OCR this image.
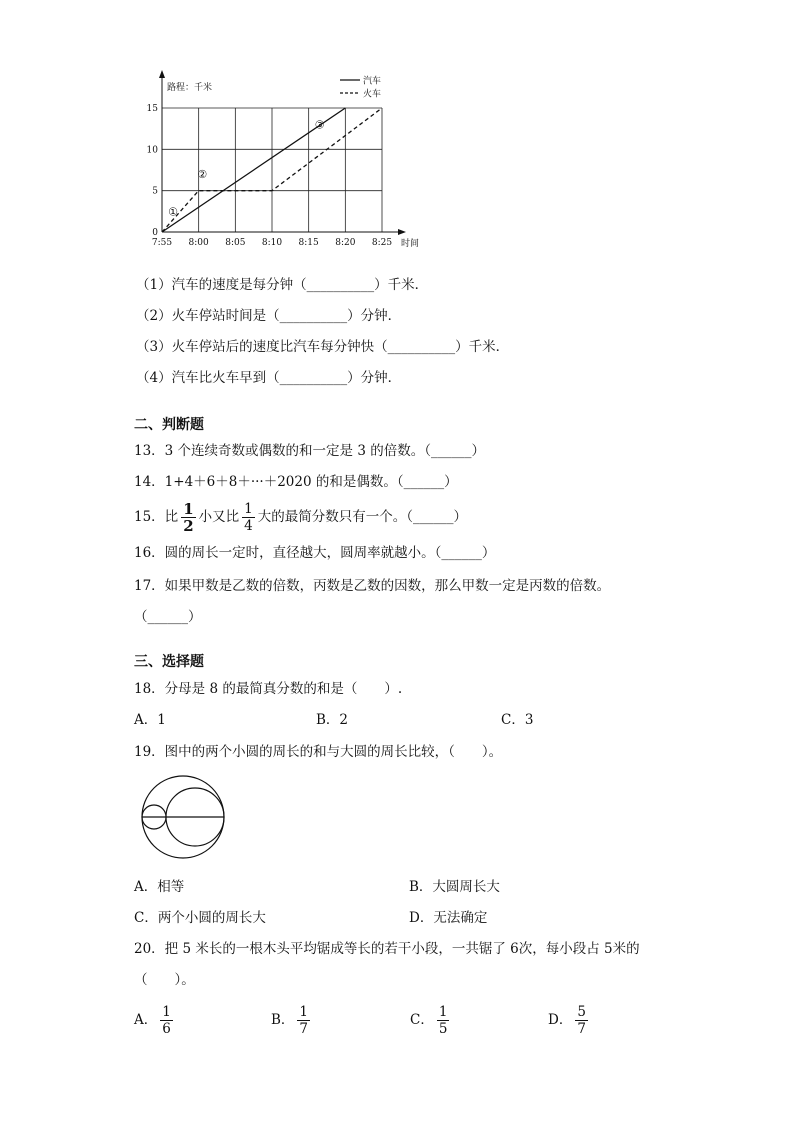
0
5
10
15
7:55 8:00 8:05 8:10 8:15 8:20 8:25
路程：千米
时间
汽车
火车
①
②
③
（1）汽车的速度是每分钟（__________）千米．
（2）火车停站时间是（__________）分钟．
（3）火车停站后的速度比汽车每分钟快（__________）千米．
（4）汽车比火车早到（__________）分钟．
二、判断题
13．3 个连续奇数或偶数的和一定是 3 的倍数。（______）
14．1+4＋6＋8＋···＋2020 的和是偶数。（______）
15．比 $\frac{1}{2}$ 小又比 $\frac{1}{4}$ 大的最简分数只有一个。（______）
16．圆的周长一定时，直径越大，圆周率就越小。（______）
17．如果甲数是乙数的倍数，丙数是乙数的因数，那么甲数一定是丙数的倍数。
（______）
三、选择题
18．分母是 8 的最简真分数的和是（　　）.
A．1	B．2	C．3
19．图中的两个小圆的周长的和与大圆的周长比较，（　　）。
A．相等	B．大圆周长大
C．两个小圆的周长大	D．无法确定
20．把 5 米长的一根木头平均锯成等长的若干小段，一共锯了 6次，每小段占 5米的
（　　）。
A． $\frac{1}{6}$	B． $\frac{1}{7}$	C． $\frac{1}{5}$	D． $\frac{5}{7}$
